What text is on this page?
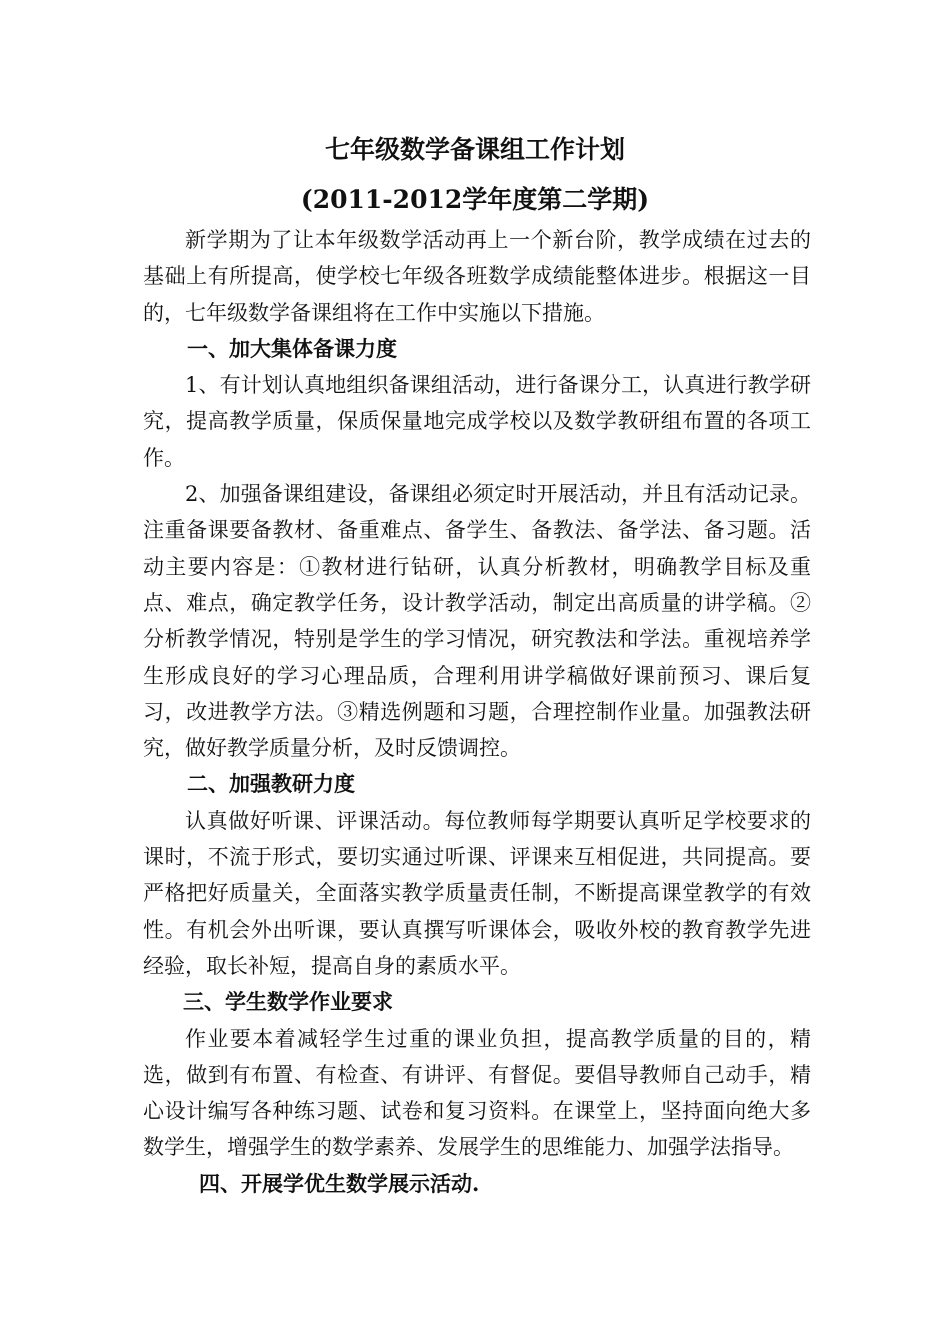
七年级数学备课组工作计划
(2011-2012学年度第二学期)

新学期为了让本年级数学活动再上一个新台阶，教学成绩在过去的基础上有所提高，使学校七年级各班数学成绩能整体进步。根据这一目的，七年级数学备课组将在工作中实施以下措施。

一、加大集体备课力度

1、有计划认真地组织备课组活动，进行备课分工，认真进行教学研究，提高教学质量，保质保量地完成学校以及数学教研组布置的各项工作。

2、加强备课组建设，备课组必须定时开展活动，并且有活动记录。注重备课要备教材、备重难点、备学生、备教法、备学法、备习题。活动主要内容是：①教材进行钻研，认真分析教材，明确教学目标及重点、难点，确定教学任务，设计教学活动，制定出高质量的讲学稿。②分析教学情况，特别是学生的学习情况，研究教法和学法。重视培养学生形成良好的学习心理品质，合理利用讲学稿做好课前预习、课后复习，改进教学方法。③精选例题和习题，合理控制作业量。加强教法研究，做好教学质量分析，及时反馈调控。

二、加强教研力度

认真做好听课、评课活动。每位教师每学期要认真听足学校要求的课时，不流于形式，要切实通过听课、评课来互相促进，共同提高。要严格把好质量关，全面落实教学质量责任制，不断提高课堂教学的有效性。有机会外出听课，要认真撰写听课体会，吸收外校的教育教学先进经验，取长补短，提高自身的素质水平。

三、学生数学作业要求

作业要本着减轻学生过重的课业负担，提高教学质量的目的，精选，做到有布置、有检查、有讲评、有督促。要倡导教师自己动手，精心设计编写各种练习题、试卷和复习资料。在课堂上，坚持面向绝大多数学生，增强学生的数学素养、发展学生的思维能力、加强学法指导。

四、开展学优生数学展示活动.
